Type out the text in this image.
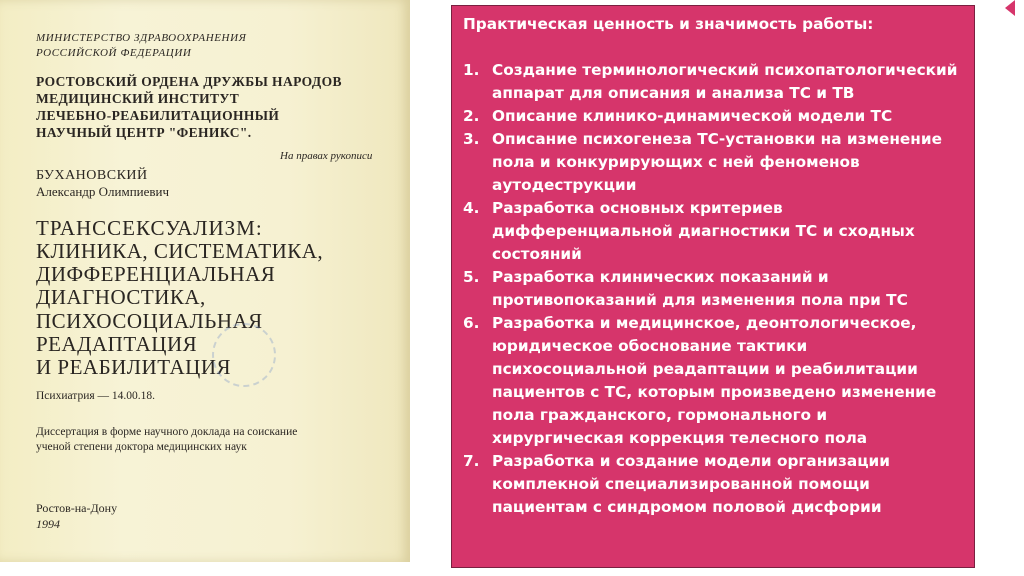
МИНИСТЕРСТВО ЗДРАВООХРАНЕНИЯ
РОССИЙСКОЙ ФЕДЕРАЦИИ
РОСТОВСКИЙ ОРДЕНА ДРУЖБЫ НАРОДОВ
МЕДИЦИНСКИЙ ИНСТИТУТ
ЛЕЧЕБНО-РЕАБИЛИТАЦИОННЫЙ
НАУЧНЫЙ ЦЕНТР "ФЕНИКС".
На правах рукописи
БУХАНОВСКИЙ
Александр Олимпиевич
ТРАНССЕКСУАЛИЗМ:
КЛИНИКА, СИСТЕМАТИКА,
ДИФФЕРЕНЦИАЛЬНАЯ
ДИАГНОСТИКА,
ПСИХОСОЦИАЛЬНАЯ
РЕАДАПТАЦИЯ
И РЕАБИЛИТАЦИЯ
Психиатрия — 14.00.18.
Диссертация в форме научного доклада на соискание
ученой степени доктора медицинских наук
Ростов-на-Дону
1994
Практическая ценность и значимость работы:
1. Создание терминологический психопатологический аппарат для описания и анализа ТС и ТВ
2. Описание клинико-динамической модели ТС
3. Описание психогенеза ТС-установки на изменение пола и конкурирующих с ней феноменов аутодеструкции
4. Разработка основных критериев дифференциальной диагностики ТС и сходных состояний
5. Разработка клинических показаний и противопоказаний для изменения пола при ТС
6. Разработка и медицинское, деонтологическое, юридическое обоснование тактики психосоциальной реадаптации и реабилитации пациентов с ТС, которым произведено изменение пола гражданского, гормонального и хирургическая коррекция телесного пола
7. Разработка и создание модели организации комплекной специализированной помощи пациентам с синдромом половой дисфории
